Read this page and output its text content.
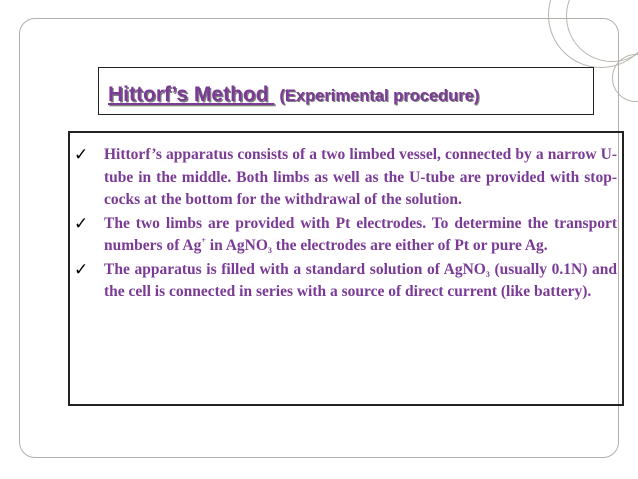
Hittorf’s Method (Experimental procedure)
✓ Hittorf’s apparatus consists of a two limbed vessel, connected by a narrow U-tube in the middle. Both limbs as well as the U-tube are provided with stop-cocks at the bottom for the withdrawal of the solution.
✓ The two limbs are provided with Pt electrodes. To determine the transport numbers of Ag+ in AgNO$_3$ the electrodes are either of Pt or pure Ag.
✓ The apparatus is filled with a standard solution of AgNO$_3$ (usually 0.1N) and the cell is connected in series with a source of direct current (like battery).
